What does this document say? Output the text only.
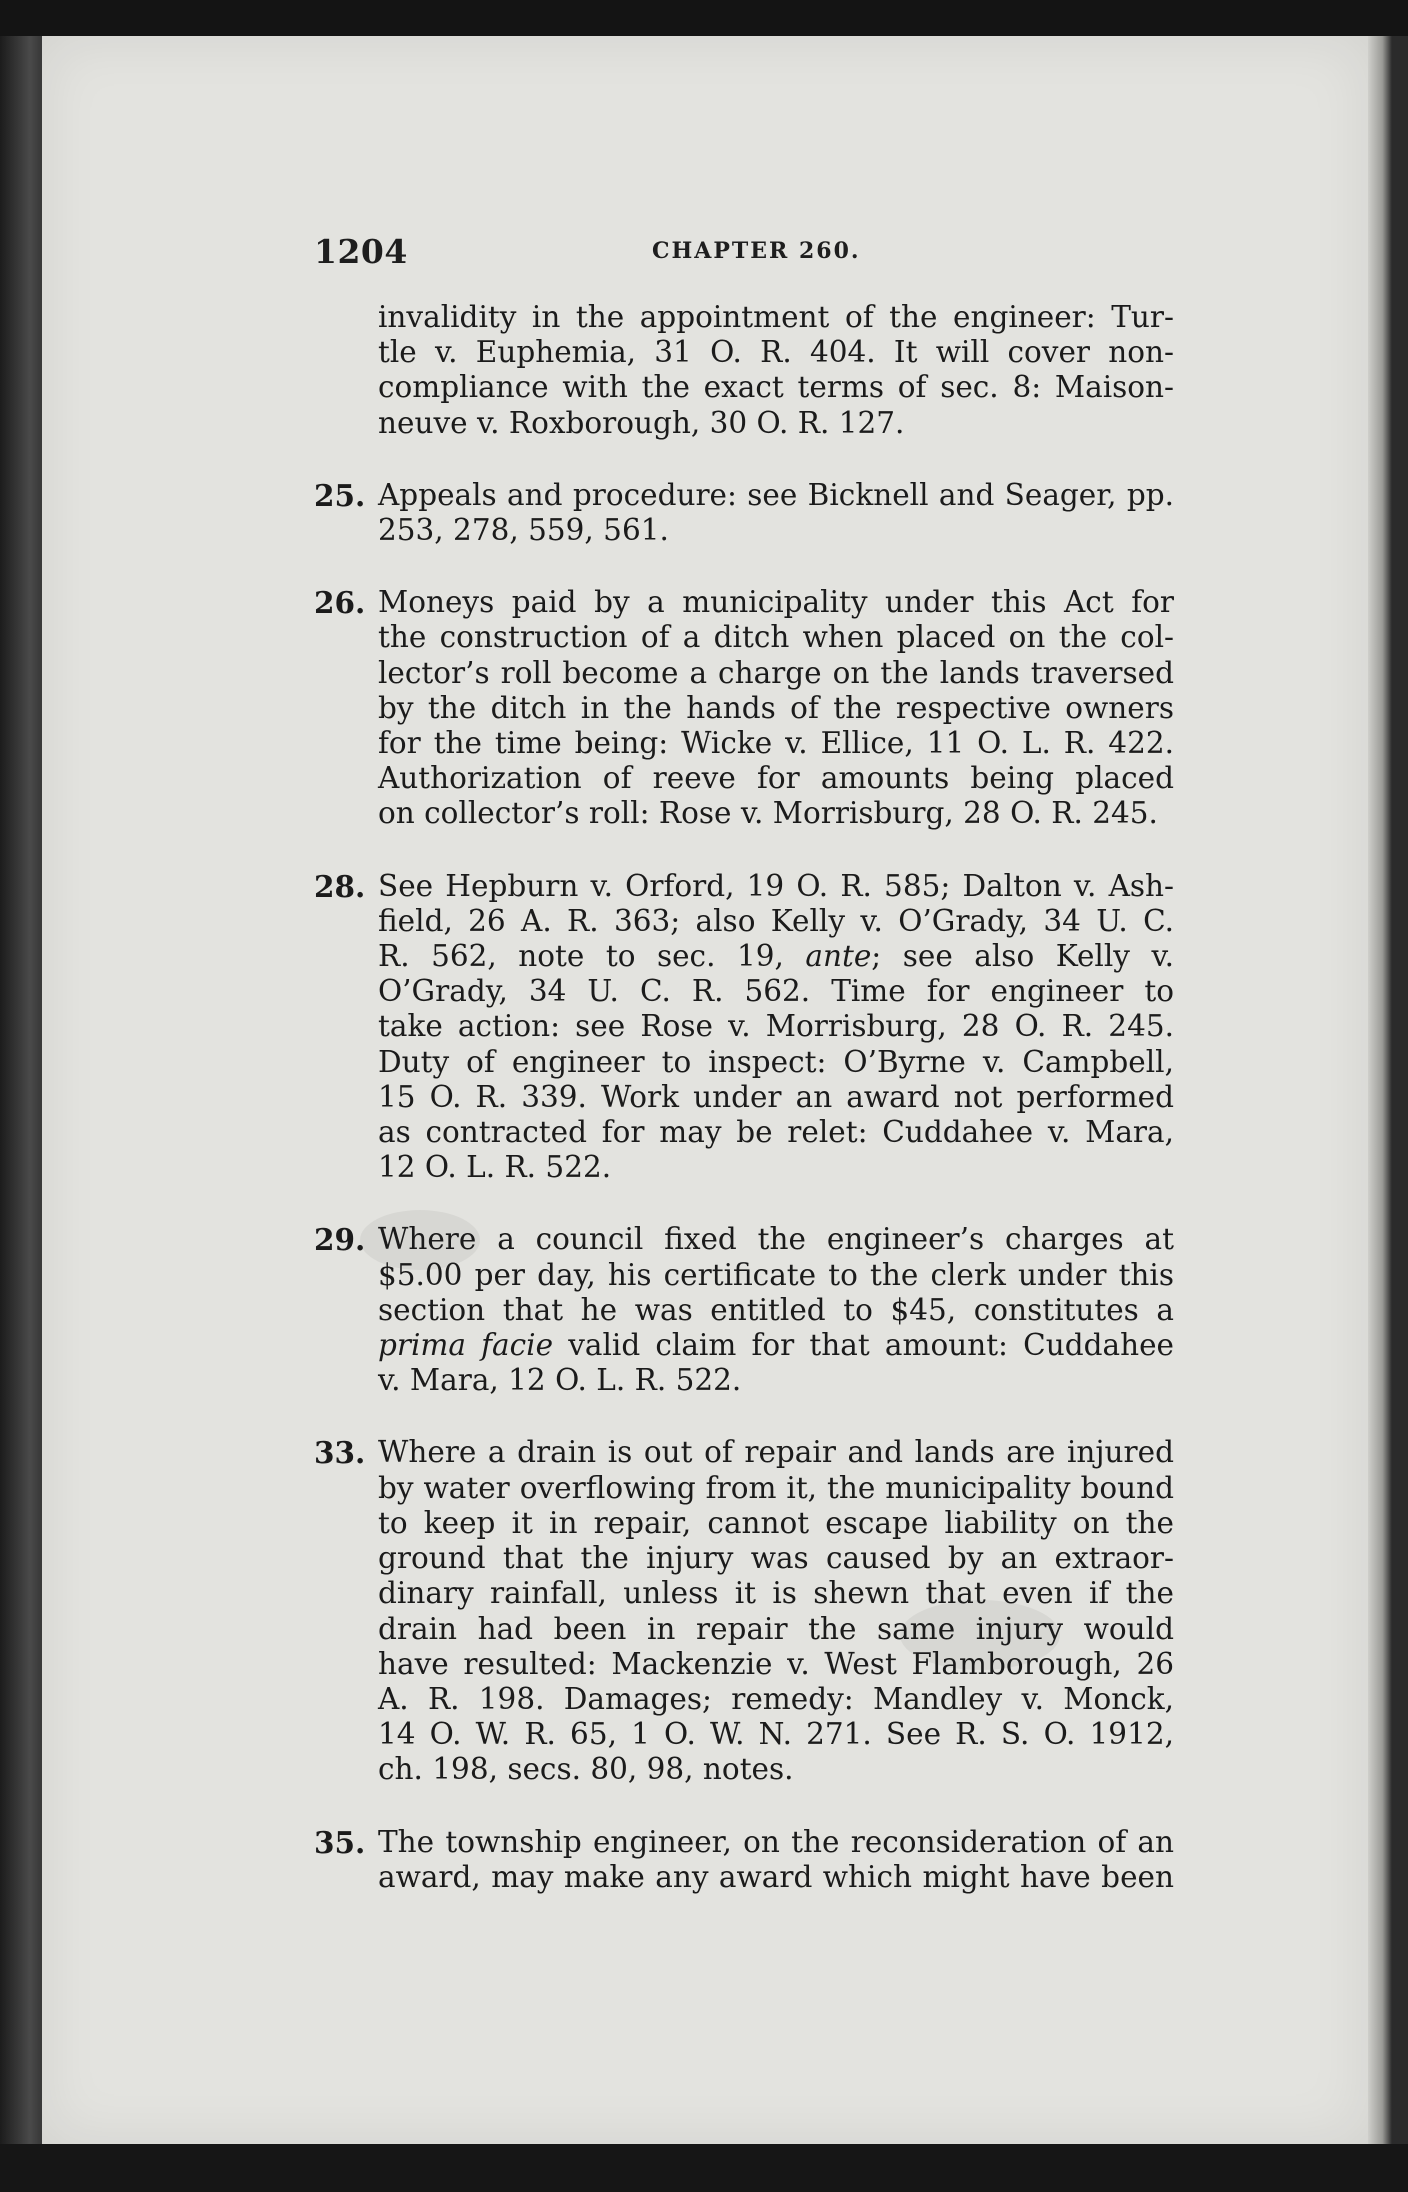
1204	CHAPTER 260.
invalidity in the appointment of the engineer: Tur-
tle v. Euphemia, 31 O. R. 404. It will cover non-
compliance with the exact terms of sec. 8: Maison-
neuve v. Roxborough, 30 O. R. 127.
25. Appeals and procedure: see Bicknell and Seager, pp.
253, 278, 559, 561.
26. Moneys paid by a municipality under this Act for
the construction of a ditch when placed on the col-
lector’s roll become a charge on the lands traversed
by the ditch in the hands of the respective owners
for the time being: Wicke v. Ellice, 11 O. L. R. 422.
Authorization of reeve for amounts being placed
on collector’s roll: Rose v. Morrisburg, 28 O. R. 245.
28. See Hepburn v. Orford, 19 O. R. 585; Dalton v. Ash-
field, 26 A. R. 363; also Kelly v. O’Grady, 34 U. C.
R. 562, note to sec. 19, ante; see also Kelly v.
O’Grady, 34 U. C. R. 562. Time for engineer to
take action: see Rose v. Morrisburg, 28 O. R. 245.
Duty of engineer to inspect: O’Byrne v. Campbell,
15 O. R. 339. Work under an award not performed
as contracted for may be relet: Cuddahee v. Mara,
12 O. L. R. 522.
29. Where a council fixed the engineer’s charges at
$5.00 per day, his certificate to the clerk under this
section that he was entitled to $45, constitutes a
prima facie valid claim for that amount: Cuddahee
v. Mara, 12 O. L. R. 522.
33. Where a drain is out of repair and lands are injured
by water overflowing from it, the municipality bound
to keep it in repair, cannot escape liability on the
ground that the injury was caused by an extraor-
dinary rainfall, unless it is shewn that even if the
drain had been in repair the same injury would
have resulted: Mackenzie v. West Flamborough, 26
A. R. 198. Damages; remedy: Mandley v. Monck,
14 O. W. R. 65, 1 O. W. N. 271. See R. S. O. 1912,
ch. 198, secs. 80, 98, notes.
35. The township engineer, on the reconsideration of an
award, may make any award which might have been
